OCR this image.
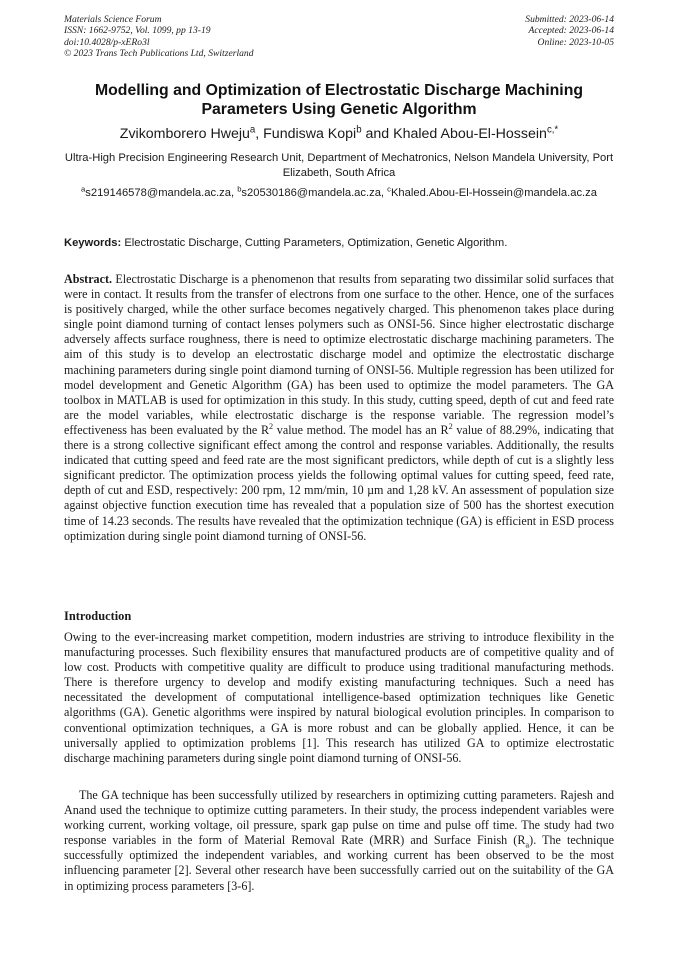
Materials Science Forum
ISSN: 1662-9752, Vol. 1099, pp 13-19
doi:10.4028/p-xERo3l
© 2023 Trans Tech Publications Ltd, Switzerland
Submitted: 2023-06-14
Accepted: 2023-06-14
Online: 2023-10-05
Modelling and Optimization of Electrostatic Discharge Machining Parameters Using Genetic Algorithm
Zvikomborero Hweju$^a$, Fundiswa Kopi$^b$ and Khaled Abou-El-Hossein$^{c,*}$
Ultra-High Precision Engineering Research Unit, Department of Mechatronics, Nelson Mandela University, Port Elizabeth, South Africa
$^a$s219146578@mandela.ac.za, $^b$s20530186@mandela.ac.za, $^c$Khaled.Abou-El-Hossein@mandela.ac.za
Keywords: Electrostatic Discharge, Cutting Parameters, Optimization, Genetic Algorithm.
Abstract. Electrostatic Discharge is a phenomenon that results from separating two dissimilar solid surfaces that were in contact. It results from the transfer of electrons from one surface to the other. Hence, one of the surfaces is positively charged, while the other surface becomes negatively charged. This phenomenon takes place during single point diamond turning of contact lenses polymers such as ONSI-56. Since higher electrostatic discharge adversely affects surface roughness, there is need to optimize electrostatic discharge machining parameters. The aim of this study is to develop an electrostatic discharge model and optimize the electrostatic discharge machining parameters during single point diamond turning of ONSI-56. Multiple regression has been utilized for model development and Genetic Algorithm (GA) has been used to optimize the model parameters. The GA toolbox in MATLAB is used for optimization in this study. In this study, cutting speed, depth of cut and feed rate are the model variables, while electrostatic discharge is the response variable. The regression model’s effectiveness has been evaluated by the $R^2$ value method. The model has an $R^2$ value of 88.29%, indicating that there is a strong collective significant effect among the control and response variables. Additionally, the results indicated that cutting speed and feed rate are the most significant predictors, while depth of cut is a slightly less significant predictor. The optimization process yields the following optimal values for cutting speed, feed rate, depth of cut and ESD, respectively: 200 rpm, 12 mm/min, 10 µm and 1,28 kV. An assessment of population size against objective function execution time has revealed that a population size of 500 has the shortest execution time of 14.23 seconds. The results have revealed that the optimization technique (GA) is efficient in ESD process optimization during single point diamond turning of ONSI-56.
Introduction

Owing to the ever-increasing market competition, modern industries are striving to introduce flexibility in the manufacturing processes. Such flexibility ensures that manufactured products are of competitive quality and of low cost. Products with competitive quality are difficult to produce using traditional manufacturing methods. There is therefore urgency to develop and modify existing manufacturing techniques. Such a need has necessitated the development of computational intelligence-based optimization techniques like Genetic algorithms (GA). Genetic algorithms were inspired by natural biological evolution principles. In comparison to conventional optimization techniques, a GA is more robust and can be globally applied. Hence, it can be universally applied to optimization problems [1]. This research has utilized GA to optimize electrostatic discharge machining parameters during single point diamond turning of ONSI-56.

The GA technique has been successfully utilized by researchers in optimizing cutting parameters. Rajesh and Anand used the technique to optimize cutting parameters. In their study, the process independent variables were working current, working voltage, oil pressure, spark gap pulse on time and pulse off time. The study had two response variables in the form of Material Removal Rate (MRR) and Surface Finish $(R_a)$. The technique successfully optimized the independent variables, and working current has been observed to be the most influencing parameter [2]. Several other research have been successfully carried out on the suitability of the GA in optimizing process parameters [3-6].
